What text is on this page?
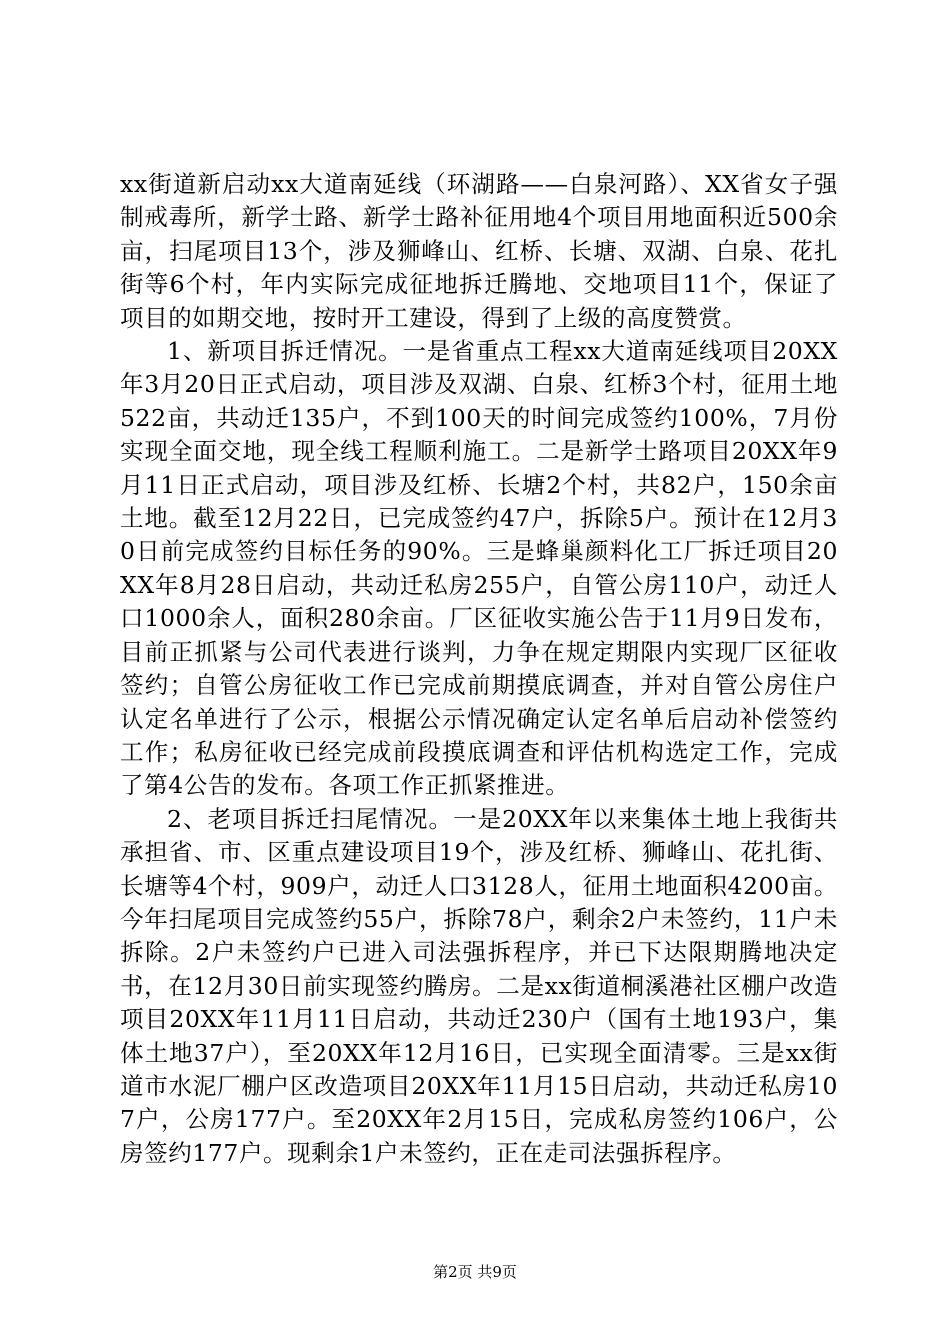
xx街道新启动xx大道南延线（环湖路——白泉河路）、XX省女子强制戒毒所，新学士路、新学士路补征用地4个项目用地面积近500余亩，扫尾项目13个，涉及狮峰山、红桥、长塘、双湖、白泉、花扎街等6个村，年内实际完成征地拆迁腾地、交地项目11个，保证了项目的如期交地，按时开工建设，得到了上级的高度赞赏。

1、新项目拆迁情况。一是省重点工程xx大道南延线项目20XX年3月20日正式启动，项目涉及双湖、白泉、红桥3个村，征用土地522亩，共动迁135户，不到100天的时间完成签约100%，7月份实现全面交地，现全线工程顺利施工。二是新学士路项目20XX年9月11日正式启动，项目涉及红桥、长塘2个村，共82户，150余亩土地。截至12月22日，已完成签约47户，拆除5户。预计在12月30日前完成签约目标任务的90%。三是蜂巢颜料化工厂拆迁项目20XX年8月28日启动，共动迁私房255户，自管公房110户，动迁人口1000余人，面积280余亩。厂区征收实施公告于11月9日发布，目前正抓紧与公司代表进行谈判，力争在规定期限内实现厂区征收签约；自管公房征收工作已完成前期摸底调查，并对自管公房住户认定名单进行了公示，根据公示情况确定认定名单后启动补偿签约工作；私房征收已经完成前段摸底调查和评估机构选定工作，完成了第4公告的发布。各项工作正抓紧推进。

2、老项目拆迁扫尾情况。一是20XX年以来集体土地上我街共承担省、市、区重点建设项目19个，涉及红桥、狮峰山、花扎街、长塘等4个村，909户，动迁人口3128人，征用土地面积4200亩。今年扫尾项目完成签约55户，拆除78户，剩余2户未签约，11户未拆除。2户未签约户已进入司法强拆程序，并已下达限期腾地决定书，在12月30日前实现签约腾房。二是xx街道桐溪港社区棚户改造项目20XX年11月11日启动，共动迁230户（国有土地193户，集体土地37户），至20XX年12月16日，已实现全面清零。三是xx街道市水泥厂棚户区改造项目20XX年11月15日启动，共动迁私房107户，公房177户。至20XX年2月15日，完成私房签约106户，公房签约177户。现剩余1户未签约，正在走司法强拆程序。

第2页 共9页
